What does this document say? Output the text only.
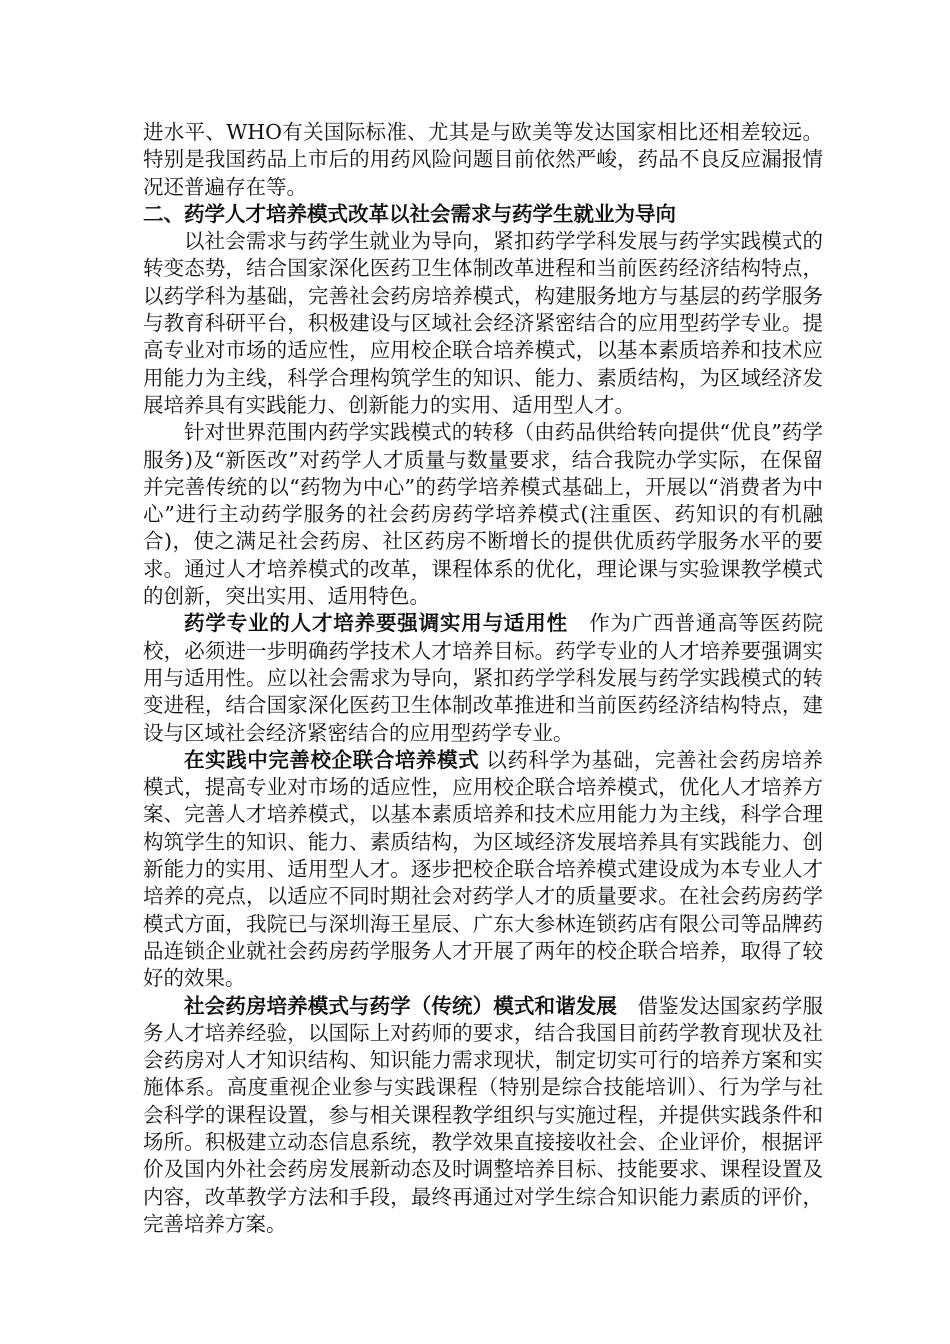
进水平、WHO有关国际标准、尤其是与欧美等发达国家相比还相差较远。特别是我国药品上市后的用药风险问题目前依然严峻，药品不良反应漏报情况还普遍存在等。

二、药学人才培养模式改革以社会需求与药学生就业为导向

以社会需求与药学生就业为导向，紧扣药学学科发展与药学实践模式的转变态势，结合国家深化医药卫生体制改革进程和当前医药经济结构特点，以药学科为基础，完善社会药房培养模式，构建服务地方与基层的药学服务与教育科研平台，积极建设与区域社会经济紧密结合的应用型药学专业。提高专业对市场的适应性，应用校企联合培养模式，以基本素质培养和技术应用能力为主线，科学合理构筑学生的知识、能力、素质结构，为区域经济发展培养具有实践能力、创新能力的实用、适用型人才。

针对世界范围内药学实践模式的转移（由药品供给转向提供“优良”药学服务)及“新医改”对药学人才质量与数量要求，结合我院办学实际，在保留并完善传统的以“药物为中心”的药学培养模式基础上，开展以“消费者为中心”进行主动药学服务的社会药房药学培养模式(注重医、药知识的有机融合)，使之满足社会药房、社区药房不断增长的提供优质药学服务水平的要求。通过人才培养模式的改革，课程体系的优化，理论课与实验课教学模式的创新，突出实用、适用特色。

药学专业的人才培养要强调实用与适用性　作为广西普通高等医药院校，必须进一步明确药学技术人才培养目标。药学专业的人才培养要强调实用与适用性。应以社会需求为导向，紧扣药学学科发展与药学实践模式的转变进程，结合国家深化医药卫生体制改革推进和当前医药经济结构特点，建设与区域社会经济紧密结合的应用型药学专业。

在实践中完善校企联合培养模式 以药科学为基础，完善社会药房培养模式，提高专业对市场的适应性，应用校企联合培养模式，优化人才培养方案、完善人才培养模式，以基本素质培养和技术应用能力为主线，科学合理构筑学生的知识、能力、素质结构，为区域经济发展培养具有实践能力、创新能力的实用、适用型人才。逐步把校企联合培养模式建设成为本专业人才培养的亮点，以适应不同时期社会对药学人才的质量要求。在社会药房药学模式方面，我院已与深圳海王星辰、广东大参林连锁药店有限公司等品牌药品连锁企业就社会药房药学服务人才开展了两年的校企联合培养，取得了较好的效果。

社会药房培养模式与药学（传统）模式和谐发展　借鉴发达国家药学服务人才培养经验，以国际上对药师的要求，结合我国目前药学教育现状及社会药房对人才知识结构、知识能力需求现状，制定切实可行的培养方案和实施体系。高度重视企业参与实践课程（特别是综合技能培训）、行为学与社会科学的课程设置，参与相关课程教学组织与实施过程，并提供实践条件和场所。积极建立动态信息系统，教学效果直接接收社会、企业评价，根据评价及国内外社会药房发展新动态及时调整培养目标、技能要求、课程设置及内容，改革教学方法和手段，最终再通过对学生综合知识能力素质的评价，完善培养方案。
